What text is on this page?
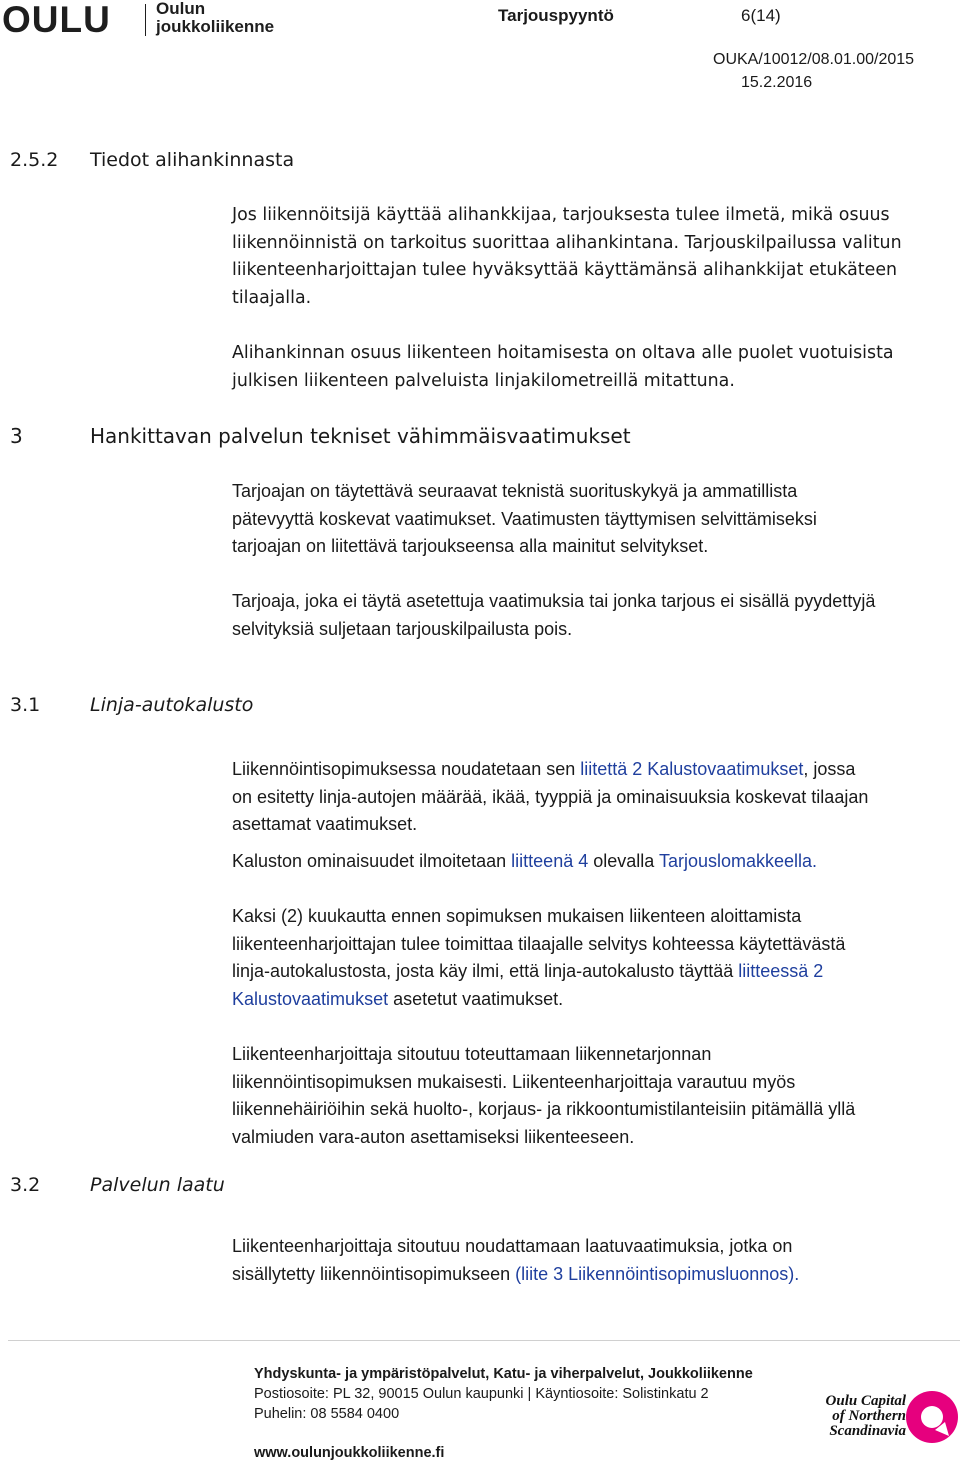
OULU	Oulun
joukkoliikenne
Tarjouspyyntö	6(14)
OUKA/10012/08.01.00/2015
15.2.2016
2.5.2 Tiedot alihankinnasta
Jos liikennöitsijä käyttää alihankkijaa, tarjouksesta tulee ilmetä, mikä osuus
liikennöinnistä on tarkoitus suorittaa alihankintana. Tarjouskilpailussa valitun
liikenteenharjoittajan tulee hyväksyttää käyttämänsä alihankkijat etukäteen
tilaajalla.
Alihankinnan osuus liikenteen hoitamisesta on oltava alle puolet vuotuisista
julkisen liikenteen palveluista linjakilometreillä mitattuna.
3	Hankittavan palvelun tekniset vähimmäisvaatimukset
Tarjoajan on täytettävä seuraavat teknistä suorituskykyä ja ammatillista
pätevyyttä koskevat vaatimukset. Vaatimusten täyttymisen selvittämiseksi
tarjoajan on liitettävä tarjoukseensa alla mainitut selvitykset.
Tarjoaja, joka ei täytä asetettuja vaatimuksia tai jonka tarjous ei sisällä pyydettyjä
selvityksiä suljetaan tarjouskilpailusta pois.
3.1	Linja-autokalusto
Liikennöintisopimuksessa noudatetaan sen liitettä 2 Kalustovaatimukset, jossa
on esitetty linja-autojen määrää, ikää, tyyppiä ja ominaisuuksia koskevat tilaajan
asettamat vaatimukset.
Kaluston ominaisuudet ilmoitetaan liitteenä 4 olevalla Tarjouslomakkeella.
Kaksi (2) kuukautta ennen sopimuksen mukaisen liikenteen aloittamista
liikenteenharjoittajan tulee toimittaa tilaajalle selvitys kohteessa käytettävästä
linja-autokalustosta, josta käy ilmi, että linja-autokalusto täyttää liitteessä 2
Kalustovaatimukset asetetut vaatimukset.
Liikenteenharjoittaja sitoutuu toteuttamaan liikennetarjonnan
liikennöintisopimuksen mukaisesti. Liikenteenharjoittaja varautuu myös
liikennehäiriöihin sekä huolto-, korjaus- ja rikkoontumistilanteisiin pitämällä yllä
valmiuden vara-auton asettamiseksi liikenteeseen.
3.2	Palvelun laatu
Liikenteenharjoittaja sitoutuu noudattamaan laatuvaatimuksia, jotka on
sisällytetty liikennöintisopimukseen (liite 3 Liikennöintisopimusluonnos).
Yhdyskunta- ja ympäristöpalvelut, Katu- ja viherpalvelut, Joukkoliikenne
Postiosoite: PL 32, 90015 Oulun kaupunki | Käyntiosoite: Solistinkatu 2
Puhelin: 08 5584 0400
www.oulunjoukkoliikenne.fi
Oulu Capital
of Northern
Scandinavia
